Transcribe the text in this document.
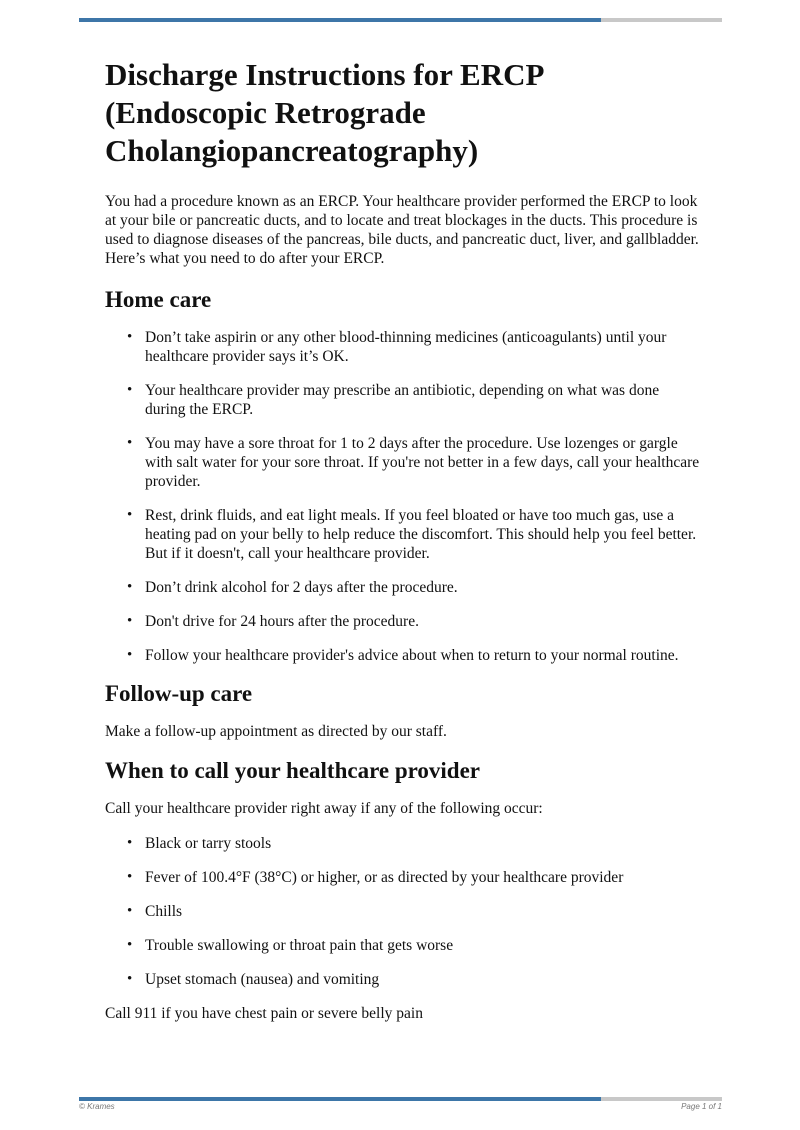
Discharge Instructions for ERCP (Endoscopic Retrograde Cholangiopancreatography)

You had a procedure known as an ERCP. Your healthcare provider performed the ERCP to look at your bile or pancreatic ducts, and to locate and treat blockages in the ducts. This procedure is used to diagnose diseases of the pancreas, bile ducts, and pancreatic duct, liver, and gallbladder. Here’s what you need to do after your ERCP.

Home care
• Don’t take aspirin or any other blood-thinning medicines (anticoagulants) until your healthcare provider says it’s OK.
• Your healthcare provider may prescribe an antibiotic, depending on what was done during the ERCP.
• You may have a sore throat for 1 to 2 days after the procedure. Use lozenges or gargle with salt water for your sore throat. If you're not better in a few days, call your healthcare provider.
• Rest, drink fluids, and eat light meals. If you feel bloated or have too much gas, use a heating pad on your belly to help reduce the discomfort. This should help you feel better. But if it doesn't, call your healthcare provider.
• Don’t drink alcohol for 2 days after the procedure.
• Don't drive for 24 hours after the procedure.
• Follow your healthcare provider's advice about when to return to your normal routine.
Follow-up care

Make a follow-up appointment as directed by our staff.

When to call your healthcare provider

Call your healthcare provider right away if any of the following occur:

• Black or tarry stools
• Fever of 100.4°F (38°C) or higher, or as directed by your healthcare provider
• Chills
• Trouble swallowing or throat pain that gets worse
• Upset stomach (nausea) and vomiting

Call 911 if you have chest pain or severe belly pain

© Krames	Page 1 of 1
